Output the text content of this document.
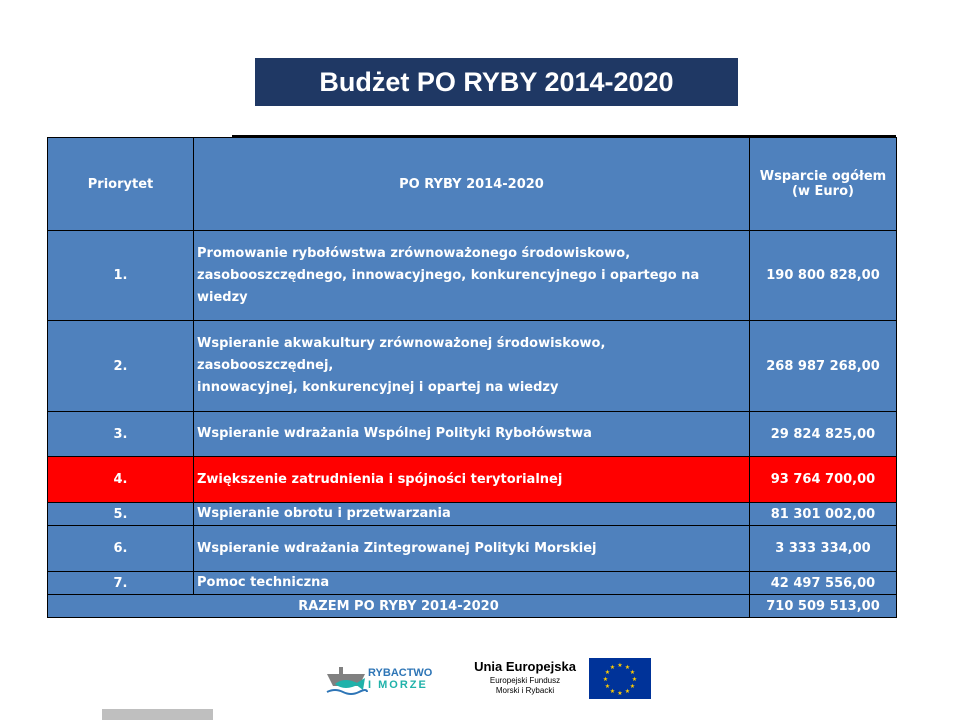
Budżet PO RYBY 2014-2020
Priorytet	PO RYBY 2014-2020	Wsparcie ogółem
(w Euro)
1.	Promowanie rybołówstwa zrównoważonego środowiskowo,
zasobooszczędnego, innowacyjnego, konkurencyjnego i opartego na wiedzy	190 800 828,00
2.	Wspieranie akwakultury zrównoważonej środowiskowo, zasobooszczędnej,
innowacyjnej, konkurencyjnej i opartej na wiedzy	268 987 268,00
3.	Wspieranie wdrażania Wspólnej Polityki Rybołówstwa	29 824 825,00
4.	Zwiększenie zatrudnienia i spójności terytorialnej	93 764 700,00
5.	Wspieranie obrotu i przetwarzania	81 301 002,00
6.	Wspieranie wdrażania Zintegrowanej Polityki Morskiej	3 333 334,00
7.	Pomoc techniczna	42 497 556,00
RAZEM PO RYBY 2014-2020		710 509 513,00
RYBACTWO
I MORZE
Unia Europejska
Europejski Fundusz
Morski i Rybacki
★ ★
★
★
★
★
★
★
★
★
★
★
